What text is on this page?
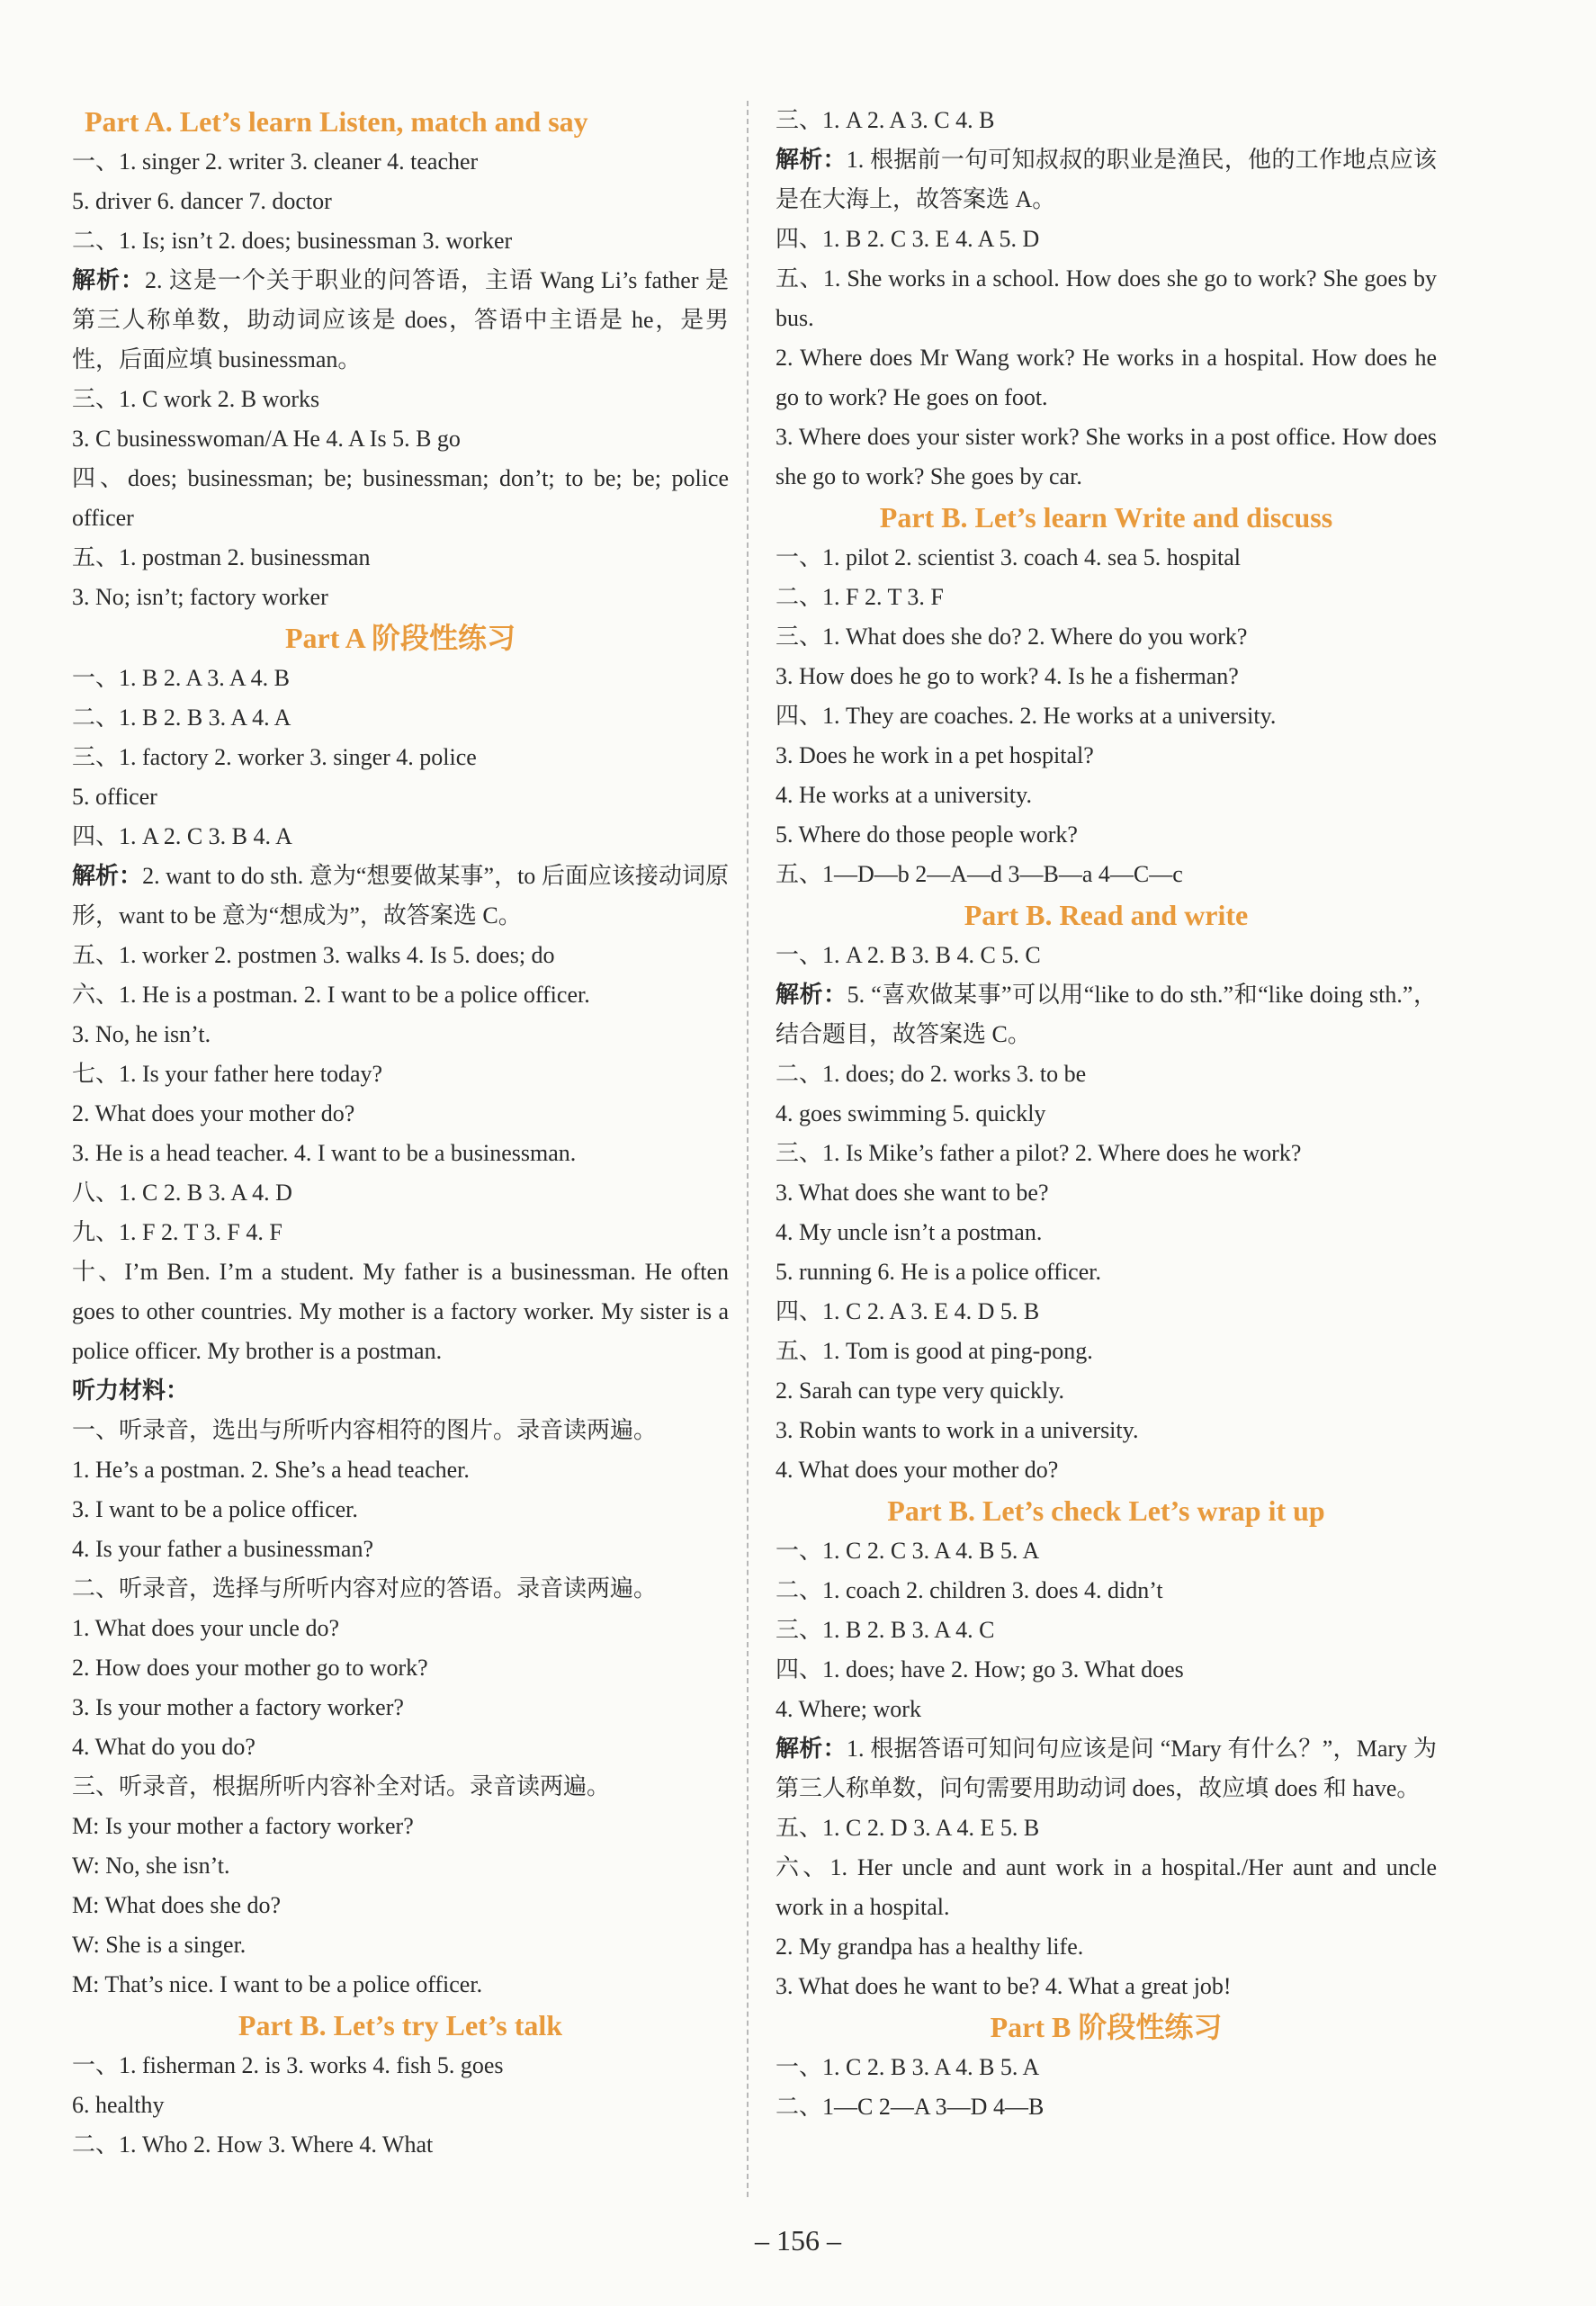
Part A. Let’s learn Listen, match and say
一、1. singer 2. writer 3. cleaner 4. teacher
5. driver 6. dancer 7. doctor
二、1. Is; isn’t 2. does; businessman 3. worker
解析：2. 这是一个关于职业的问答语，主语 Wang Li’s father 是第三人称单数，助动词应该是 does，答语中主语是 he，是男性，后面应填 businessman。
三、1. C work 2. B works
3. C businesswoman/A He 4. A Is 5. B go
四、does; businessman; be; businessman; don’t; to be; be; police officer
五、1. postman 2. businessman
3. No; isn’t; factory worker
Part A 阶段性练习
一、1. B 2. A 3. A 4. B
二、1. B 2. B 3. A 4. A
三、1. factory 2. worker 3. singer 4. police
5. officer
四、1. A 2. C 3. B 4. A
解析：2. want to do sth. 意为“想要做某事”，to 后面应该接动词原形，want to be 意为“想成为”，故答案选 C。
五、1. worker 2. postmen 3. walks 4. Is 5. does; do
六、1. He is a postman. 2. I want to be a police officer.
3. No, he isn’t.
七、1. Is your father here today?
2. What does your mother do?
3. He is a head teacher. 4. I want to be a businessman.
八、1. C 2. B 3. A 4. D
九、1. F 2. T 3. F 4. F
十、I’m Ben. I’m a student. My father is a businessman. He often goes to other countries. My mother is a factory worker. My sister is a police officer. My brother is a postman.
听力材料：
一、听录音，选出与所听内容相符的图片。录音读两遍。
1. He’s a postman. 2. She’s a head teacher.
3. I want to be a police officer.
4. Is your father a businessman?
二、听录音，选择与所听内容对应的答语。录音读两遍。
1. What does your uncle do?
2. How does your mother go to work?
3. Is your mother a factory worker?
4. What do you do?
三、听录音，根据所听内容补全对话。录音读两遍。
M: Is your mother a factory worker?
W: No, she isn’t.
M: What does she do?
W: She is a singer.
M: That’s nice. I want to be a police officer.
Part B. Let’s try Let’s talk
一、1. fisherman 2. is 3. works 4. fish 5. goes
6. healthy
二、1. Who 2. How 3. Where 4. What
三、1. A 2. A 3. C 4. B
解析：1. 根据前一句可知叔叔的职业是渔民，他的工作地点应该是在大海上，故答案选 A。
四、1. B 2. C 3. E 4. A 5. D
五、1. She works in a school. How does she go to work? She goes by bus.
2. Where does Mr Wang work? He works in a hospital. How does he go to work? He goes on foot.
3. Where does your sister work? She works in a post office. How does she go to work? She goes by car.
Part B. Let’s learn Write and discuss
一、1. pilot 2. scientist 3. coach 4. sea 5. hospital
二、1. F 2. T 3. F
三、1. What does she do? 2. Where do you work?
3. How does he go to work? 4. Is he a fisherman?
四、1. They are coaches. 2. He works at a university.
3. Does he work in a pet hospital?
4. He works at a university.
5. Where do those people work?
五、1—D—b 2—A—d 3—B—a 4—C—c
Part B. Read and write
一、1. A 2. B 3. B 4. C 5. C
解析：5. “喜欢做某事”可以用“like to do sth.”和“like doing sth.”，结合题目，故答案选 C。
二、1. does; do 2. works 3. to be
4. goes swimming 5. quickly
三、1. Is Mike’s father a pilot? 2. Where does he work?
3. What does she want to be?
4. My uncle isn’t a postman.
5. running 6. He is a police officer.
四、1. C 2. A 3. E 4. D 5. B
五、1. Tom is good at ping-pong.
2. Sarah can type very quickly.
3. Robin wants to work in a university.
4. What does your mother do?
Part B. Let’s check Let’s wrap it up
一、1. C 2. C 3. A 4. B 5. A
二、1. coach 2. children 3. does 4. didn’t
三、1. B 2. B 3. A 4. C
四、1. does; have 2. How; go 3. What does
4. Where; work
解析：1. 根据答语可知问句应该是问 “Mary 有什么？”，Mary 为第三人称单数，问句需要用助动词 does，故应填 does 和 have。
五、1. C 2. D 3. A 4. E 5. B
六、1. Her uncle and aunt work in a hospital./Her aunt and uncle work in a hospital.
2. My grandpa has a healthy life.
3. What does he want to be? 4. What a great job!
Part B 阶段性练习
一、1. C 2. B 3. A 4. B 5. A
二、1—C 2—A 3—D 4—B
– 156 –
